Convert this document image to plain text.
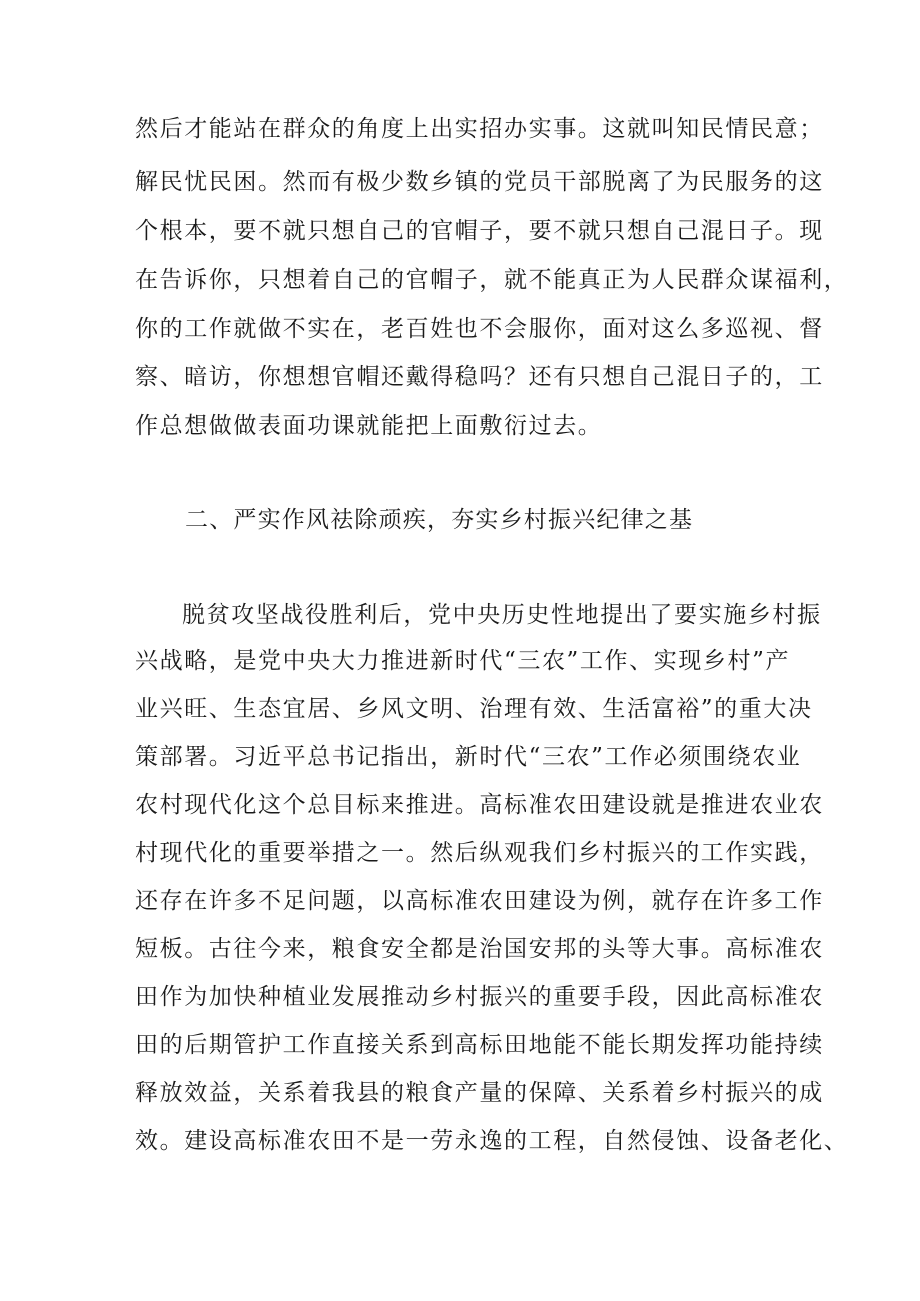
然后才能站在群众的角度上出实招办实事。这就叫知民情民意；
解民忧民困。然而有极少数乡镇的党员干部脱离了为民服务的这
个根本，要不就只想自己的官帽子，要不就只想自己混日子。现
在告诉你，只想着自己的官帽子，就不能真正为人民群众谋福利，
你的工作就做不实在，老百姓也不会服你，面对这么多巡视、督
察、暗访，你想想官帽还戴得稳吗？还有只想自己混日子的，工
作总想做做表面功课就能把上面敷衍过去。
二、严实作风祛除顽疾，夯实乡村振兴纪律之基
脱贫攻坚战役胜利后，党中央历史性地提出了要实施乡村振
兴战略，是党中央大力推进新时代“三农”工作、实现乡村”产
业兴旺、生态宜居、乡风文明、治理有效、生活富裕”的重大决
策部署。习近平总书记指出，新时代“三农”工作必须围绕农业
农村现代化这个总目标来推进。高标准农田建设就是推进农业农
村现代化的重要举措之一。然后纵观我们乡村振兴的工作实践，
还存在许多不足问题，以高标准农田建设为例，就存在许多工作
短板。古往今来，粮食安全都是治国安邦的头等大事。高标准农
田作为加快种植业发展推动乡村振兴的重要手段，因此高标准农
田的后期管护工作直接关系到高标田地能不能长期发挥功能持续
释放效益，关系着我县的粮食产量的保障、关系着乡村振兴的成
效。建设高标准农田不是一劳永逸的工程，自然侵蚀、设备老化、
